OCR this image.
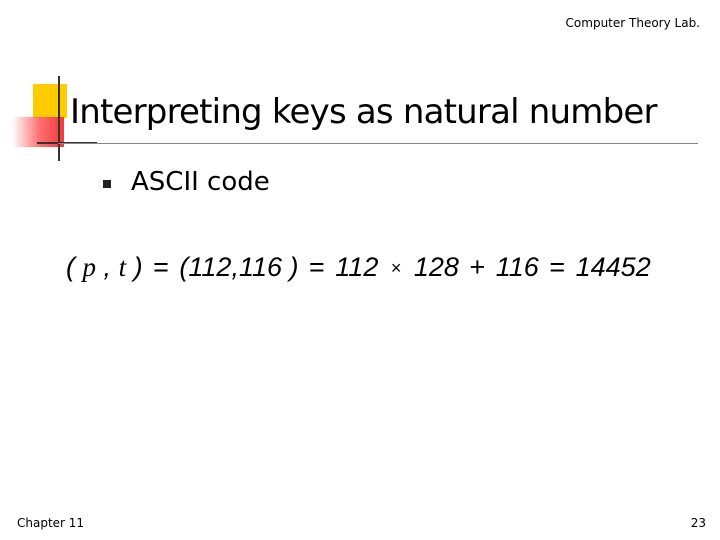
Computer Theory Lab.
Interpreting keys as natural number
ASCII code
( p , t ) = (112,116 ) = 112 × 128 + 116 = 14452
Chapter 11	23
